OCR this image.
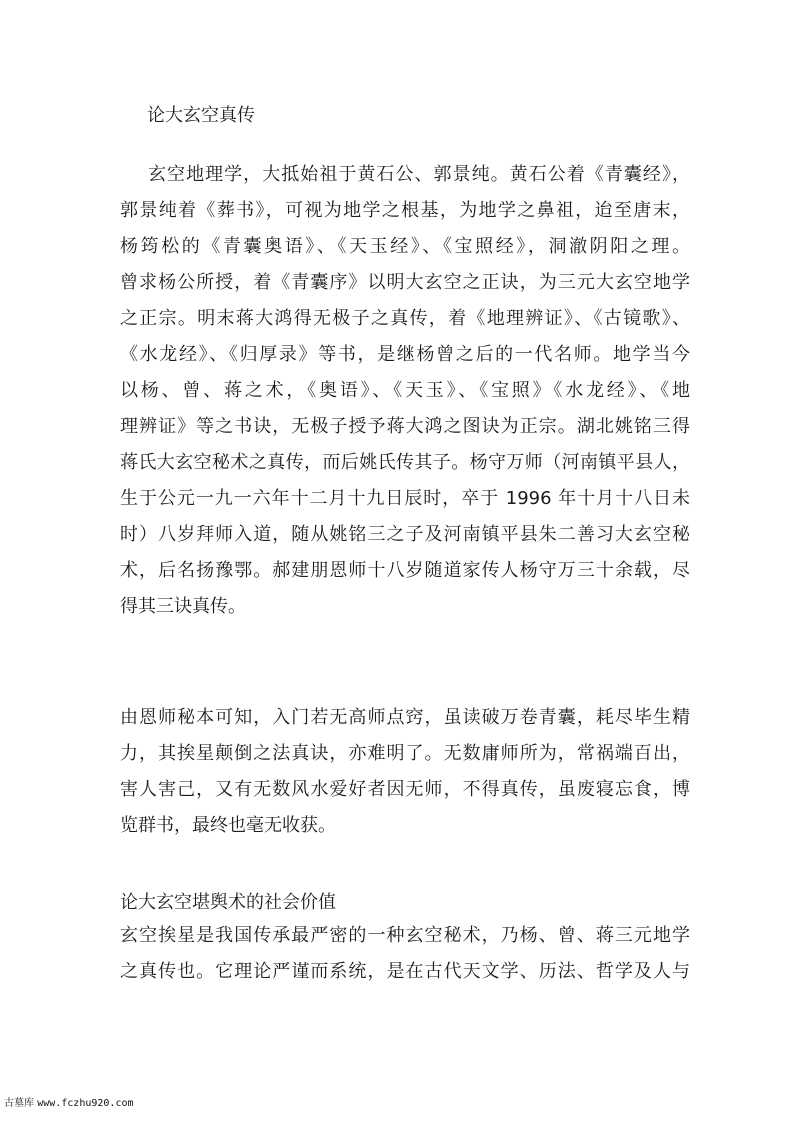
论大玄空真传
玄空地理学，大抵始祖于黄石公、郭景纯。黄石公着《青囊经》，
郭景纯着《葬书》，可视为地学之根基，为地学之鼻祖，迨至唐末，
杨筠松的《青囊奥语》、《天玉经》、《宝照经》，洞澈阴阳之理。
曾求杨公所授，着《青囊序》以明大玄空之正诀，为三元大玄空地学
之正宗。明末蒋大鸿得无极子之真传，着《地理辨证》、《古镜歌》、
《水龙经》、《归厚录》等书，是继杨曾之后的一代名师。地学当今
以杨、曾、蒋之术，《奥语》、《天玉》、《宝照》《水龙经》、《地
理辨证》等之书诀，无极子授予蒋大鸿之图诀为正宗。湖北姚铭三得
蒋氏大玄空秘术之真传，而后姚氏传其子。杨守万师（河南镇平县人，
生于公元一九一六年十二月十九日辰时，卒于 1996 年十月十八日未
时）八岁拜师入道，随从姚铭三之子及河南镇平县朱二善习大玄空秘
术，后名扬豫鄂。郝建朋恩师十八岁随道家传人杨守万三十余载，尽
得其三诀真传。
由恩师秘本可知，入门若无高师点窍，虽读破万卷青囊，耗尽毕生精
力，其挨星颠倒之法真诀，亦难明了。无数庸师所为，常祸端百出，
害人害己，又有无数风水爱好者因无师，不得真传，虽废寝忘食，博
览群书，最终也毫无收获。
论大玄空堪舆术的社会价值
玄空挨星是我国传承最严密的一种玄空秘术，乃杨、曾、蒋三元地学
之真传也。它理论严谨而系统，是在古代天文学、历法、哲学及人与
古墓库 www.fczhu920.com
